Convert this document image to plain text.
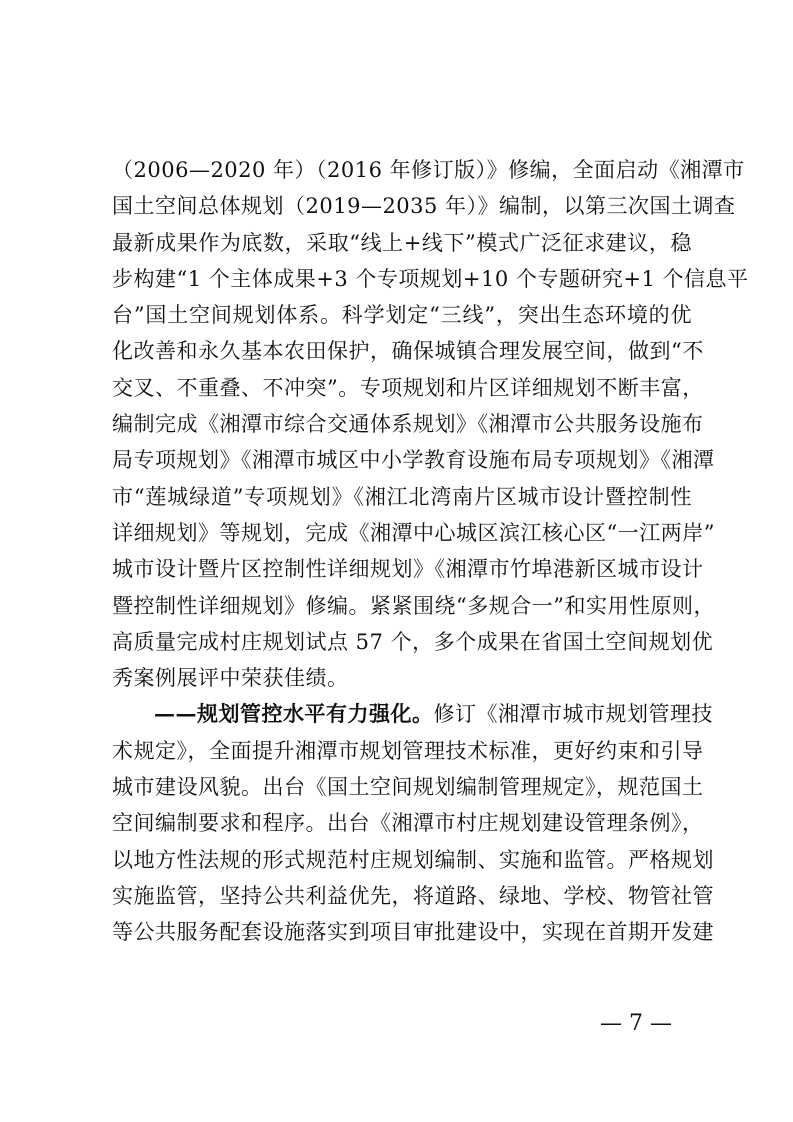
（2006—2020 年）（2016 年修订版）》修编，全面启动《湘潭市
国土空间总体规划（2019—2035 年）》编制，以第三次国土调查
最新成果作为底数，采取“线上+线下”模式广泛征求建议，稳
步构建“1 个主体成果+3 个专项规划+10 个专题研究+1 个信息平
台”国土空间规划体系。科学划定“三线”，突出生态环境的优
化改善和永久基本农田保护，确保城镇合理发展空间，做到“不
交叉、不重叠、不冲突”。专项规划和片区详细规划不断丰富，
编制完成《湘潭市综合交通体系规划》《湘潭市公共服务设施布
局专项规划》《湘潭市城区中小学教育设施布局专项规划》《湘潭
市“莲城绿道”专项规划》《湘江北湾南片区城市设计暨控制性
详细规划》等规划，完成《湘潭中心城区滨江核心区“一江两岸”
城市设计暨片区控制性详细规划》《湘潭市竹埠港新区城市设计
暨控制性详细规划》修编。紧紧围绕“多规合一”和实用性原则，
高质量完成村庄规划试点 57 个，多个成果在省国土空间规划优
秀案例展评中荣获佳绩。
——规划管控水平有力强化。修订《湘潭市城市规划管理技
术规定》，全面提升湘潭市规划管理技术标准，更好约束和引导
城市建设风貌。出台《国土空间规划编制管理规定》，规范国土
空间编制要求和程序。出台《湘潭市村庄规划建设管理条例》，
以地方性法规的形式规范村庄规划编制、实施和监管。严格规划
实施监管，坚持公共利益优先，将道路、绿地、学校、物管社管
等公共服务配套设施落实到项目审批建设中，实现在首期开发建
— 7 —
